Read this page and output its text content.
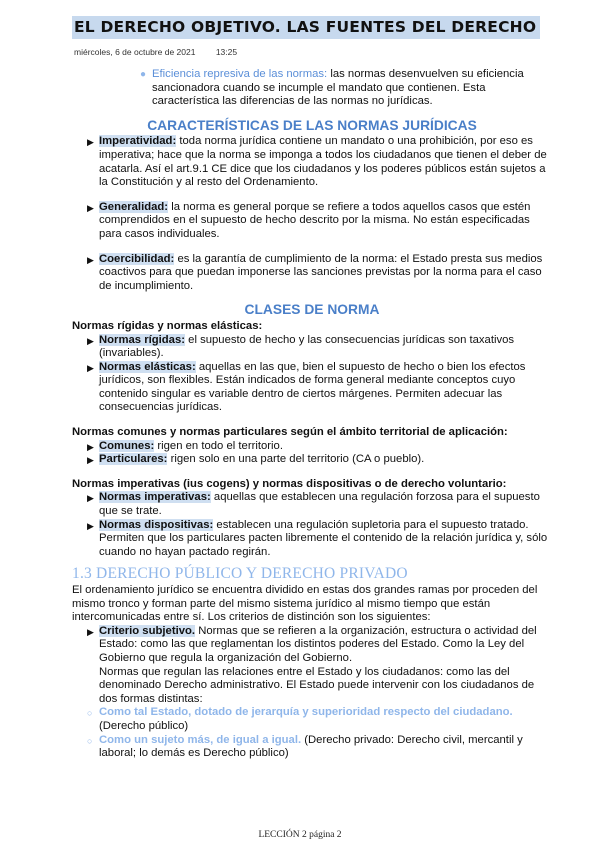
EL DERECHO OBJETIVO. LAS FUENTES DEL DERECHO
miércoles, 6 de octubre de 2021 13:25
● Eficiencia represiva de las normas: las normas desenvuelven su eficiencia sancionadora cuando se incumple el mandato que contienen. Esta característica las diferencias de las normas no jurídicas.
CARACTERÍSTICAS DE LAS NORMAS JURÍDICAS
▶ Imperatividad: toda norma jurídica contiene un mandato o una prohibición, por eso es imperativa; hace que la norma se imponga a todos los ciudadanos que tienen el deber de acatarla. Así el art.9.1 CE dice que los ciudadanos y los poderes públicos están sujetos a la Constitución y al resto del Ordenamiento.
▶ Generalidad: la norma es general porque se refiere a todos aquellos casos que estén comprendidos en el supuesto de hecho descrito por la misma. No están especificadas para casos individuales.
▶ Coercibilidad: es la garantía de cumplimiento de la norma: el Estado presta sus medios coactivos para que puedan imponerse las sanciones previstas por la norma para el caso de incumplimiento.
CLASES DE NORMA
Normas rígidas y normas elásticas:
▶ Normas rígidas: el supuesto de hecho y las consecuencias jurídicas son taxativos (invariables).
▶ Normas elásticas: aquellas en las que, bien el supuesto de hecho o bien los efectos jurídicos, son flexibles. Están indicados de forma general mediante conceptos cuyo contenido singular es variable dentro de ciertos márgenes. Permiten adecuar las consecuencias jurídicas.
Normas comunes y normas particulares según el ámbito territorial de aplicación:
▶ Comunes: rigen en todo el territorio.
▶ Particulares: rigen solo en una parte del territorio (CA o pueblo).
Normas imperativas (ius cogens) y normas dispositivas o de derecho voluntario:
▶ Normas imperativas: aquellas que establecen una regulación forzosa para el supuesto que se trate.
▶ Normas dispositivas: establecen una regulación supletoria para el supuesto tratado. Permiten que los particulares pacten libremente el contenido de la relación jurídica y, sólo cuando no hayan pactado regirán.
1.3 DERECHO PÚBLICO Y DERECHO PRIVADO
El ordenamiento jurídico se encuentra dividido en estas dos grandes ramas por proceden del mismo tronco y forman parte del mismo sistema jurídico al mismo tiempo que están intercomunicadas entre sí. Los criterios de distinción son los siguientes:
▶ Criterio subjetivo. Normas que se refieren a la organización, estructura o actividad del Estado: como las que reglamentan los distintos poderes del Estado. Como la Ley del Gobierno que regula la organización del Gobierno.
Normas que regulan las relaciones entre el Estado y los ciudadanos: como las del denominado Derecho administrativo. El Estado puede intervenir con los ciudadanos de dos formas distintas:
○ Como tal Estado, dotado de jerarquía y superioridad respecto del ciudadano. (Derecho público)
○ Como un sujeto más, de igual a igual. (Derecho privado: Derecho civil, mercantil y laboral; lo demás es Derecho público)
LECCIÓN 2 página 2
